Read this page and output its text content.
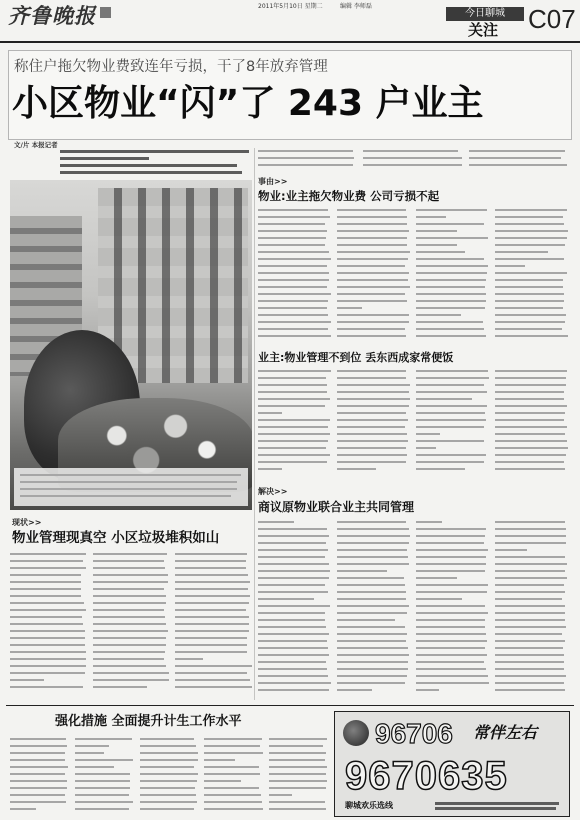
齐鲁晚报	2011年5月10日 星期二	编辑 李师磊
今日聊城
关注 C07
称住户拖欠物业费致连年亏损，干了8年放弃管理
小区物业“闪”了 243 户业主
文/片 本报记者
事由>>
物业:业主拖欠物业费 公司亏损不起
业主:物业管理不到位 丢东西成家常便饭
解决>>
商议原物业联合业主共同管理
现状>>
物业管理现真空 小区垃圾堆积如山
强化措施 全面提升计生工作水平	96706 常伴左右
9670635
聊城欢乐选线
